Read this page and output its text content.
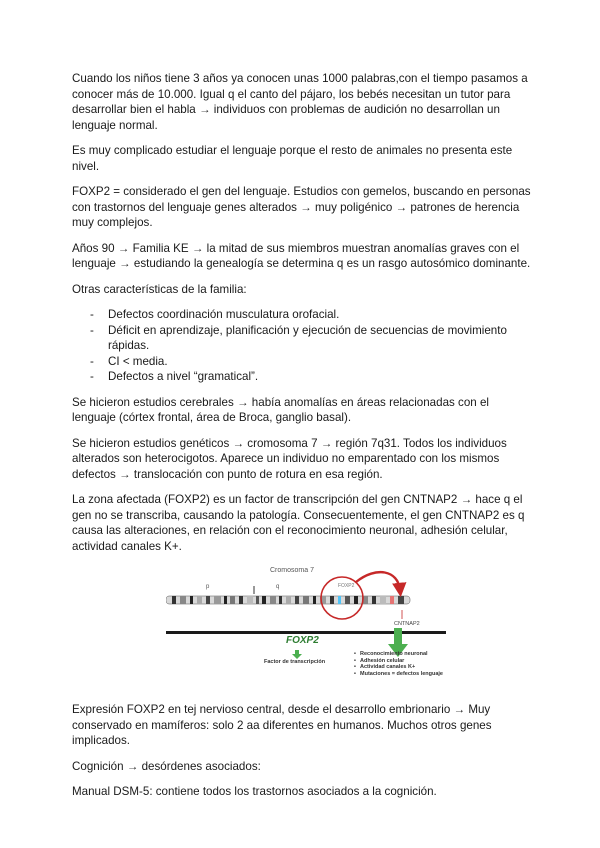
Cuando los niños tiene 3 años ya conocen unas 1000 palabras,con el tiempo pasamos a conocer más de 10.000. Igual q el canto del pájaro, los bebés necesitan un tutor para desarrollar bien el habla → individuos con problemas de audición no desarrollan un lenguaje normal.

Es muy complicado estudiar el lenguaje porque el resto de animales no presenta este nivel.

FOXP2 = considerado el gen del lenguaje. Estudios con gemelos, buscando en personas con trastornos del lenguaje genes alterados → muy poligénico → patrones de herencia muy complejos.

Años 90 → Familia KE → la mitad de sus miembros muestran anomalías graves con el lenguaje → estudiando la genealogía se determina q es un rasgo autosómico dominante.

Otras características de la familia:

- Defectos coordinación musculatura orofacial.
- Déficit en aprendizaje, planificación y ejecución de secuencias de movimiento rápidas.
- CI < media.
- Defectos a nivel “gramatical”.

Se hicieron estudios cerebrales → había anomalías en áreas relacionadas con el lenguaje (córtex frontal, área de Broca, ganglio basal).

Se hicieron estudios genéticos → cromosoma 7 → región 7q31. Todos los individuos alterados son heterocigotos. Aparece un individuo no emparentado con los mismos defectos → translocación con punto de rotura en esa región.

La zona afectada (FOXP2) es un factor de transcripción del gen CNTNAP2 → hace q el gen no se transcriba, causando la patología. Consecuentemente, el gen CNTNAP2 es q causa las alteraciones, en relación con el reconocimiento neuronal, adhesión celular, actividad canales K+.

Cromosoma 7
FOXP2
p	q
CNTNAP2
FOXP2
Factor de transcripción
• Reconocimiento neuronal
• Adhesión celular
• Actividad canales K+
• Mutaciones = defectos lenguaje

Expresión FOXP2 en tej nervioso central, desde el desarrollo embrionario → Muy conservado en mamíferos: solo 2 aa diferentes en humanos. Muchos otros genes implicados.

Cognición → desórdenes asociados:

Manual DSM-5: contiene todos los trastornos asociados a la cognición.
